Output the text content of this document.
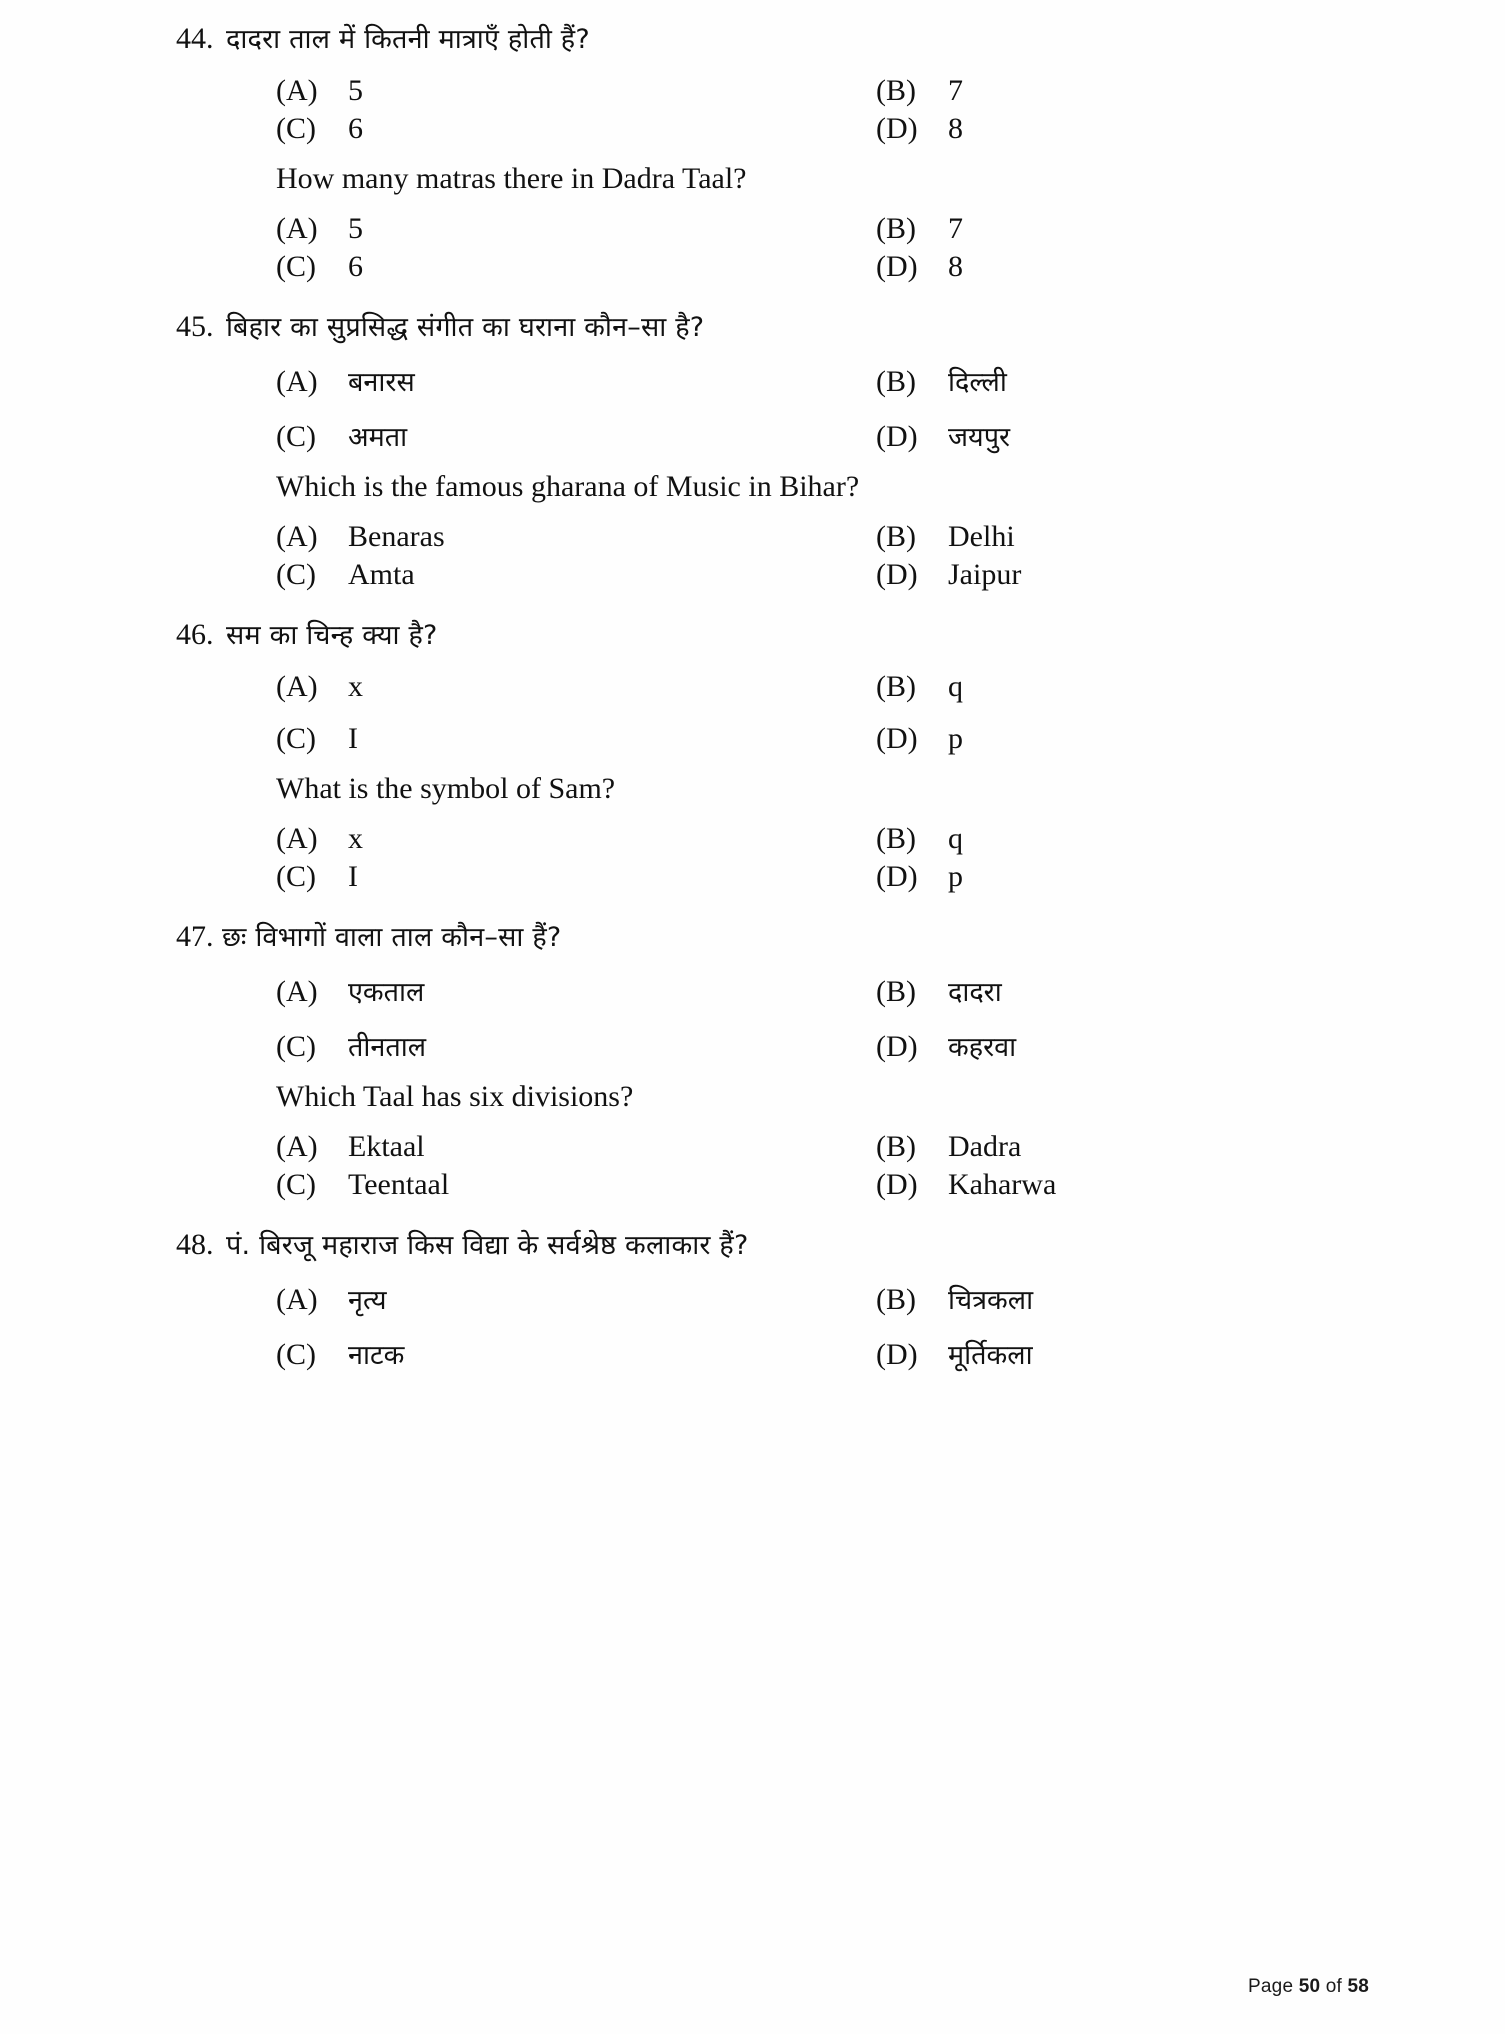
44. दादरा ताल में कितनी मात्राएँ होती हैं?
(A)	5	(B)	7
(C)	6	(D)	8
How many matras there in Dadra Taal?
(A)	5	(B)	7
(C)	6	(D)	8
45. बिहार का सुप्रसिद्ध संगीत का घराना कौन–सा है?
(A)	बनारस	(B)	दिल्ली
(C)	अमता	(D)	जयपुर
Which is the famous gharana of Music in Bihar?
(A)	Benaras	(B)	Delhi
(C)	Amta	(D)	Jaipur
46. सम का चिन्ह क्या है?
(A)	x	(B)	q
(C)	I	(D)	p
What is the symbol of Sam?
(A)	x	(B)	q
(C)	I	(D)	p
47. छः विभागों वाला ताल कौन–सा हैं?
(A)	एकताल	(B)	दादरा
(C)	तीनताल	(D)	कहरवा
Which Taal has six divisions?
(A)	Ektaal	(B)	Dadra
(C)	Teentaal	(D)	Kaharwa
48. पं. बिरजू महाराज किस विद्या के सर्वश्रेष्ठ कलाकार हैं?
(A)	नृत्य	(B)	चित्रकला
(C)	नाटक	(D)	मूर्तिकला
Page 50 of 58
